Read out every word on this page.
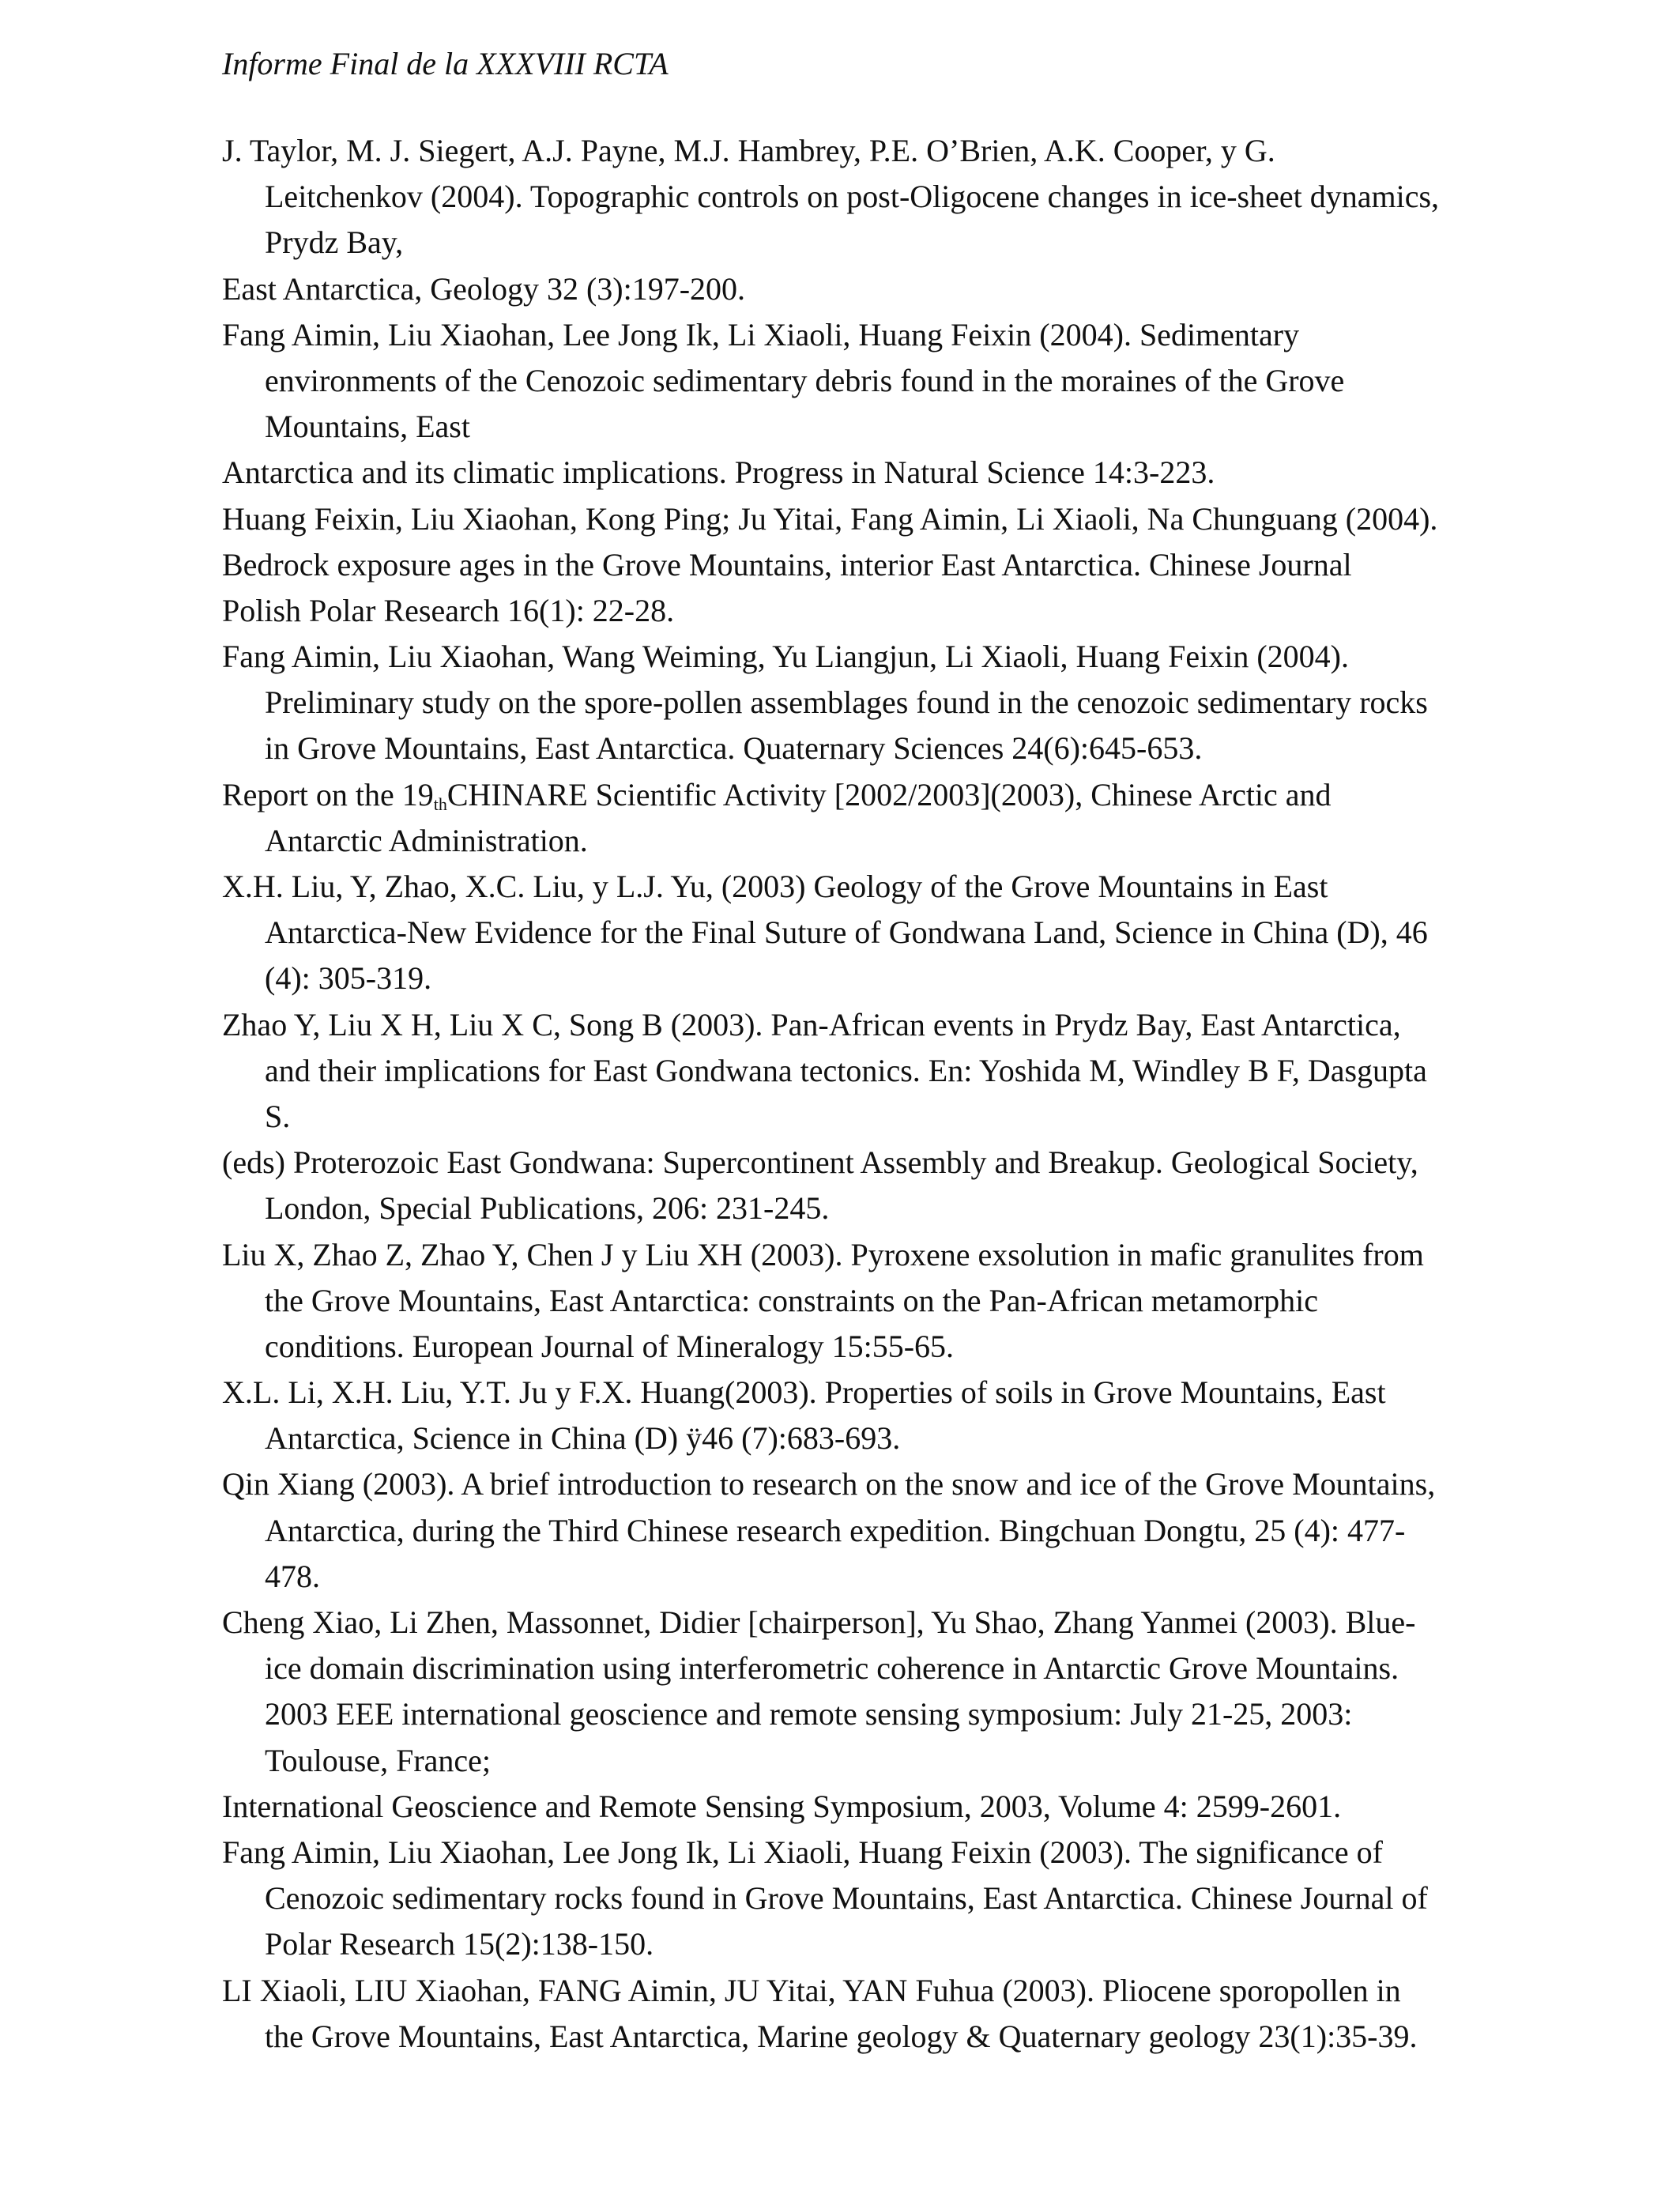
Informe Final de la XXXVIII RCTA
J. Taylor, M. J. Siegert, A.J. Payne, M.J. Hambrey, P.E. O’Brien, A.K. Cooper, y G.
Leitchenkov (2004). Topographic controls on post-Oligocene changes in ice-sheet dynamics,
Prydz Bay,
East Antarctica, Geology 32 (3):197-200.
Fang Aimin, Liu Xiaohan, Lee Jong Ik, Li Xiaoli, Huang Feixin (2004). Sedimentary
environments of the Cenozoic sedimentary debris found in the moraines of the Grove
Mountains, East
Antarctica and its climatic implications. Progress in Natural Science 14:3-223.
Huang Feixin, Liu Xiaohan, Kong Ping; Ju Yitai, Fang Aimin, Li Xiaoli, Na Chunguang (2004).
Bedrock exposure ages in the Grove Mountains, interior East Antarctica. Chinese Journal
Polish Polar Research 16(1): 22-28.
Fang Aimin, Liu Xiaohan, Wang Weiming, Yu Liangjun, Li Xiaoli, Huang Feixin (2004).
Preliminary study on the spore-pollen assemblages found in the cenozoic sedimentary rocks
in Grove Mountains, East Antarctica. Quaternary Sciences 24(6):645-653.
Report on the $19_{th}CHINARE$ Scientific Activity [2002/2003](2003), Chinese Arctic and
Antarctic Administration.
X.H. Liu, Y, Zhao, X.C. Liu, y L.J. Yu, (2003) Geology of the Grove Mountains in East
Antarctica-New Evidence for the Final Suture of Gondwana Land, Science in China (D), 46
(4): 305-319.
Zhao Y, Liu X H, Liu X C, Song B (2003). Pan-African events in Prydz Bay, East Antarctica,
and their implications for East Gondwana tectonics. En: Yoshida M, Windley B F, Dasgupta
S.
(eds) Proterozoic East Gondwana: Supercontinent Assembly and Breakup. Geological Society,
London, Special Publications, 206: 231-245.
Liu X, Zhao Z, Zhao Y, Chen J y Liu XH (2003). Pyroxene exsolution in mafic granulites from
the Grove Mountains, East Antarctica: constraints on the Pan-African metamorphic
conditions. European Journal of Mineralogy 15:55-65.
X.L. Li, X.H. Liu, Y.T. Ju y F.X. Huang(2003). Properties of soils in Grove Mountains, East
Antarctica, Science in China (D) ÿ46 (7):683-693.
Qin Xiang (2003). A brief introduction to research on the snow and ice of the Grove Mountains,
Antarctica, during the Third Chinese research expedition. Bingchuan Dongtu, 25 (4): 477-
478.
Cheng Xiao, Li Zhen, Massonnet, Didier [chairperson], Yu Shao, Zhang Yanmei (2003). Blue-
ice domain discrimination using interferometric coherence in Antarctic Grove Mountains.
2003 EEE international geoscience and remote sensing symposium: July 21-25, 2003:
Toulouse, France;
International Geoscience and Remote Sensing Symposium, 2003, Volume 4: 2599-2601.
Fang Aimin, Liu Xiaohan, Lee Jong Ik, Li Xiaoli, Huang Feixin (2003). The significance of
Cenozoic sedimentary rocks found in Grove Mountains, East Antarctica. Chinese Journal of
Polar Research 15(2):138-150.
LI Xiaoli, LIU Xiaohan, FANG Aimin, JU Yitai, YAN Fuhua (2003). Pliocene sporopollen in
the Grove Mountains, East Antarctica, Marine geology & Quaternary geology 23(1):35-39.
